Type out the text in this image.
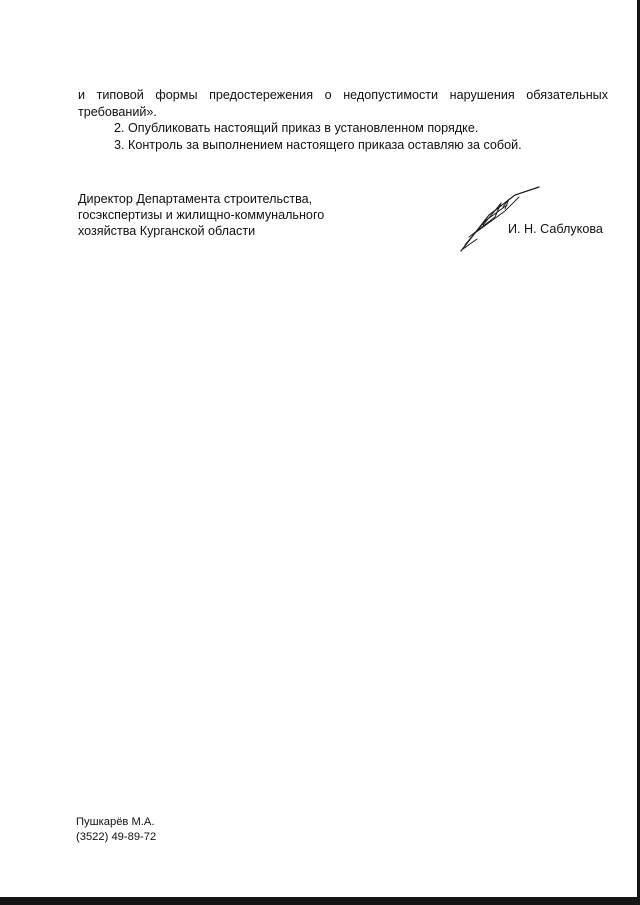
и типовой формы предостережения о недопустимости нарушения обязательных требований».

2. Опубликовать настоящий приказ в установленном порядке.

3. Контроль за выполнением настоящего приказа оставляю за собой.

Директор Департамента строительства,
госэкспертизы и жилищно-коммунального
хозяйства Курганской области	И. Н. Саблукова
Пушкарёв М.А.
(3522) 49-89-72
